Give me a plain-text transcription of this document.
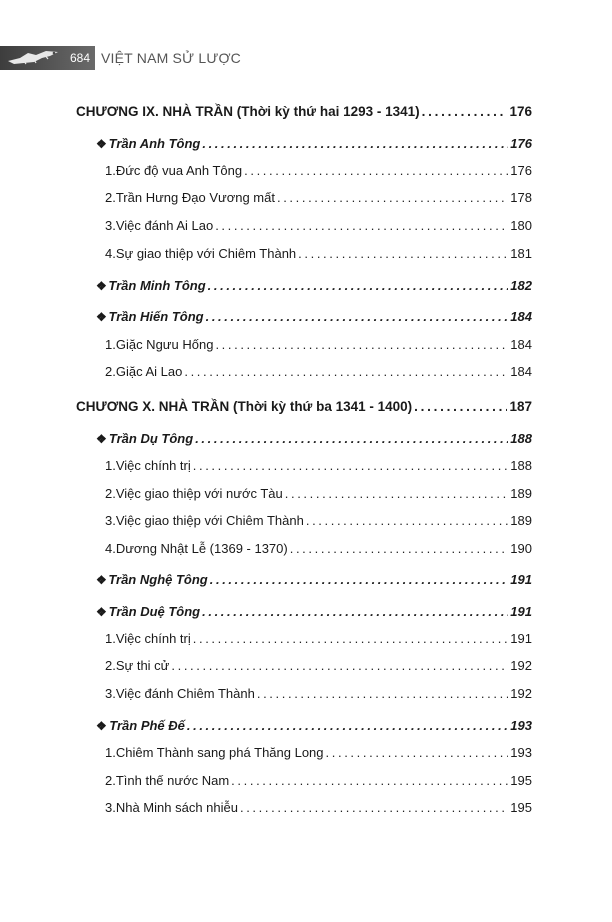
684 VIỆT NAM SỬ LƯỢC
CHƯƠNG IX. NHÀ TRẦN (Thời kỳ thứ hai 1293 - 1341) . . .	176
❖ Trần Anh Tông . . .	176
1. Đức độ vua Anh Tông . . .	176
2. Trần Hưng Đạo Vương mất . . .	178
3. Việc đánh Ai Lao . . .	180
4. Sự giao thiệp với Chiêm Thành . . .	181
❖ Trần Minh Tông . . .	182
❖ Trần Hiến Tông . . .	184
1. Giặc Ngưu Hống . . .	184
2. Giặc Ai Lao . . .	184
CHƯƠNG X. NHÀ TRẦN (Thời kỳ thứ ba 1341 - 1400) . . .	187
❖ Trần Dụ Tông . . .	188
1. Việc chính trị . . .	188
2. Việc giao thiệp với nước Tàu . . .	189
3. Việc giao thiệp với Chiêm Thành . . .	189
4. Dương Nhật Lễ (1369 - 1370) . . .	190
❖ Trần Nghệ Tông . . .	191
❖ Trần Duệ Tông . . .	191
1. Việc chính trị . . .	191
2. Sự thi cử . . .	192
3. Việc đánh Chiêm Thành . . .	192
❖ Trần Phế Đế . . .	193
1. Chiêm Thành sang phá Thăng Long . . .	193
2. Tình thế nước Nam . . .	195
3. Nhà Minh sách nhiễu . . .	195
